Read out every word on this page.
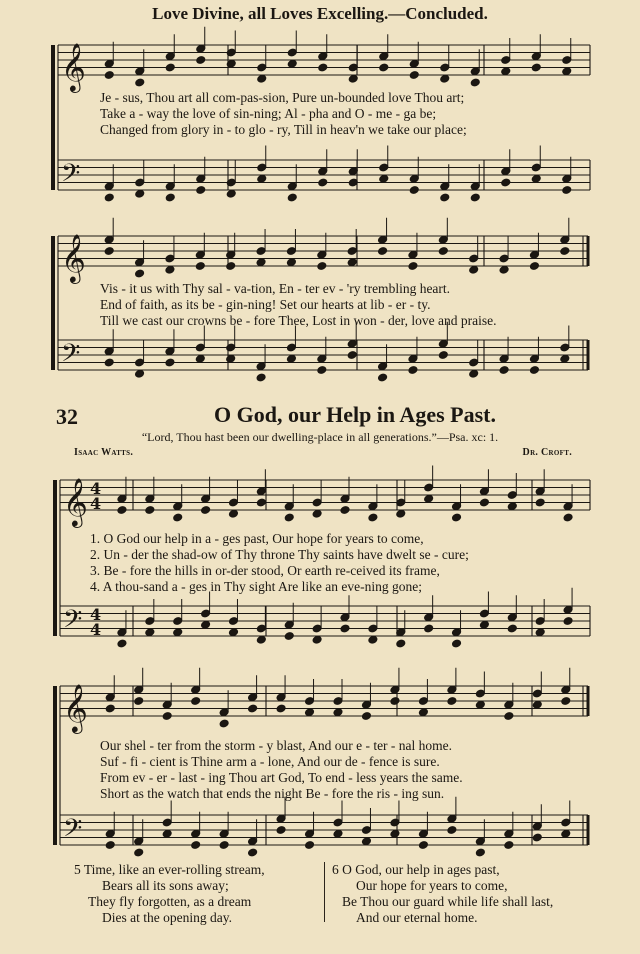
Love Divine, all Loves Excelling.—Concluded.
𝄞
𝄢
𝄞
𝄢
𝄞
𝄢
4
4
4
4
𝄞
𝄢
Je - sus, Thou art all com-pas-sion, Pure un-bounded love Thou art;
Take a - way the love of sin-ning; Al - pha and O - me - ga be;
Changed from glory in - to glo - ry, Till in heav'n we take our place;
Vis - it us with Thy sal - va-tion, En - ter ev - 'ry trembling heart.
End of faith, as its be - gin-ning! Set our hearts at lib - er - ty.
Till we cast our crowns be - fore Thee, Lost in won - der, love and praise.
32	O God, our Help in Ages Past.
“Lord, Thou hast been our dwelling-place in all generations.”—Psa. xc: 1.
Isaac Watts.	Dr. Croft.
1. O God our help in a - ges past, Our hope for years to come,
2. Un - der the shad-ow of Thy throne Thy saints have dwelt se - cure;
3. Be - fore the hills in or-der stood, Or earth re-ceived its frame,
4. A thou-sand a - ges in Thy sight Are like an eve-ning gone;
Our shel - ter from the storm - y blast, And our e - ter - nal home.
Suf - fi - cient is Thine arm a - lone, And our de - fence is sure.
From ev - er - last - ing Thou art God, To end - less years the same.
Short as the watch that ends the night Be - fore the ris - ing sun.
5 Time, like an ever-rolling stream,
Bears all its sons away;
They fly forgotten, as a dream
Dies at the opening day.
6 O God, our help in ages past,
Our hope for years to come,
Be Thou our guard while life shall last,
And our eternal home.
